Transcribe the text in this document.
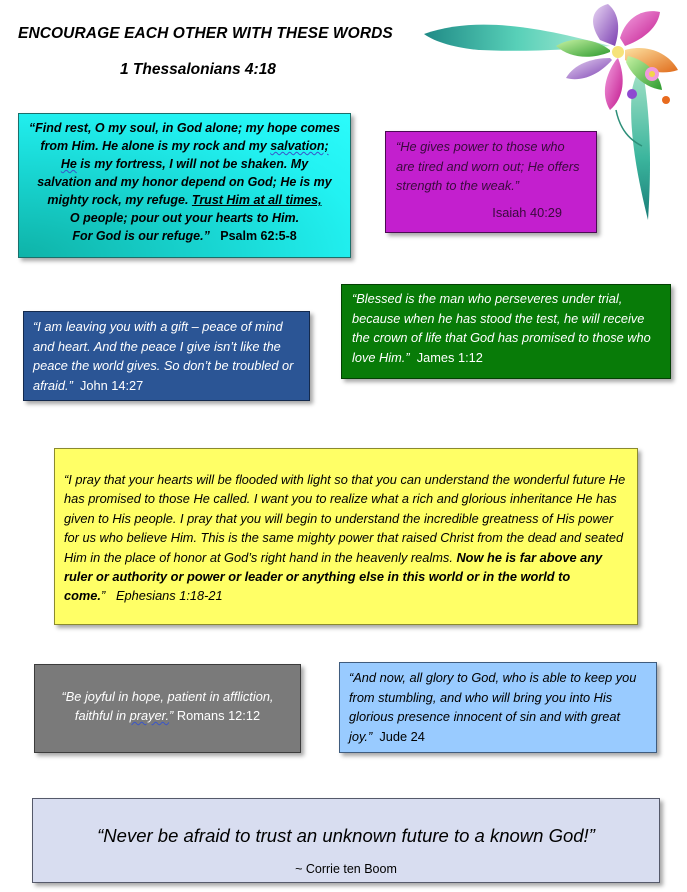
ENCOURAGE EACH OTHER WITH THESE WORDS
1 Thessalonians 4:18

“Find rest, O my soul, in God alone; my hope comes
from Him. He alone is my rock and my salvation;
He is my fortress, I will not be shaken. My
salvation and my honor depend on God; He is my
mighty rock, my refuge. Trust Him at all times,
O people; pour out your hearts to Him.
For God is our refuge.” Psalm 62:5-8

“He gives power to those who are tired and worn out; He offers strength to the weak.”

Isaiah 40:29

“Blessed is the man who perseveres under trial, because when he has stood the test, he will receive the crown of life that God has promised to those who love Him.” James 1:12

“I am leaving you with a gift – peace of mind and heart. And the peace I give isn’t like the peace the world gives. So don’t be troubled or afraid.” John 14:27

“I pray that your hearts will be flooded with light so that you can understand the wonderful future He has promised to those He called. I want you to realize what a rich and glorious inheritance He has given to His people. I pray that you will begin to understand the incredible greatness of His power for us who believe Him. This is the same mighty power that raised Christ from the dead and seated Him in the place of honor at God’s right hand in the heavenly realms. Now he is far above any ruler or authority or power or leader or anything else in this world or in the world to come.” Ephesians 1:18-21

“Be joyful in hope, patient in affliction, faithful in prayer.” Romans 12:12

“And now, all glory to God, who is able to keep you from stumbling, and who will bring you into His glorious presence innocent of sin and with great joy.” Jude 24

“Never be afraid to trust an unknown future to a known God!”
~ Corrie ten Boom
